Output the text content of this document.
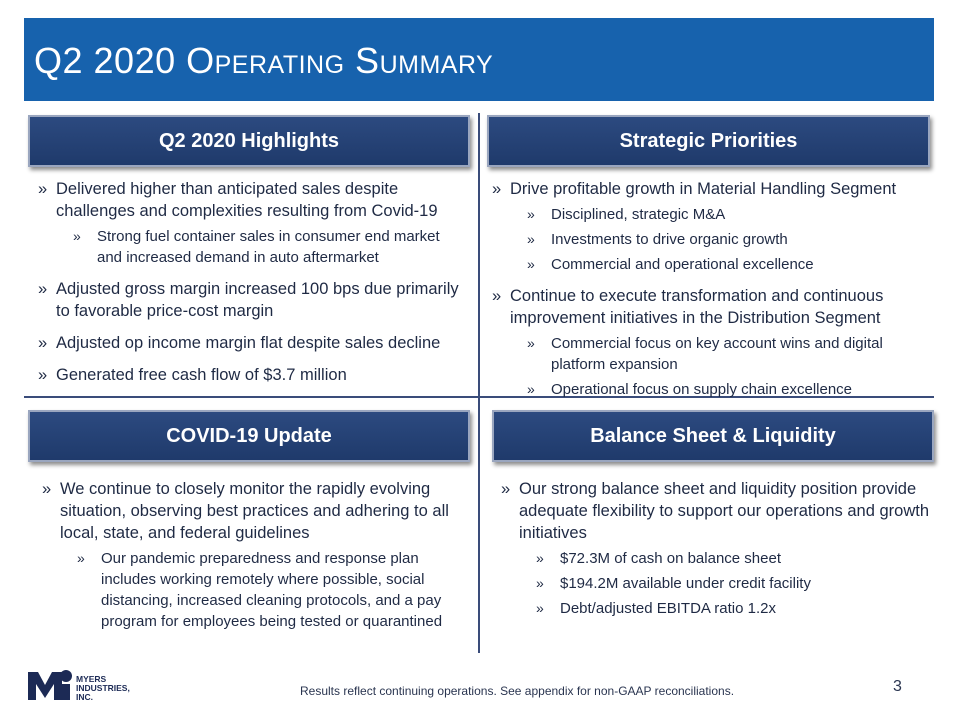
Q2 2020 Operating Summary
Q2 2020 Highlights
» Delivered higher than anticipated sales despite challenges and complexities resulting from Covid-19
» Strong fuel container sales in consumer end market and increased demand in auto aftermarket
» Adjusted gross margin increased 100 bps due primarily to favorable price-cost margin
» Adjusted op income margin flat despite sales decline
» Generated free cash flow of $3.7 million
Strategic Priorities
» Drive profitable growth in Material Handling Segment
» Disciplined, strategic M&A
» Investments to drive organic growth
» Commercial and operational excellence
» Continue to execute transformation and continuous improvement initiatives in the Distribution Segment
» Commercial focus on key account wins and digital platform expansion
» Operational focus on supply chain excellence
COVID-19 Update
» We continue to closely monitor the rapidly evolving situation, observing best practices and adhering to all local, state, and federal guidelines
» Our pandemic preparedness and response plan includes working remotely where possible, social distancing, increased cleaning protocols, and a pay program for employees being tested or quarantined
Balance Sheet & Liquidity
» Our strong balance sheet and liquidity position provide adequate flexibility to support our operations and growth initiatives
» $72.3M of cash on balance sheet
» $194.2M available under credit facility
» Debt/adjusted EBITDA ratio 1.2x
MYERS
INDUSTRIES,
INC.	Results reflect continuing operations. See appendix for non-GAAP reconciliations.	3
